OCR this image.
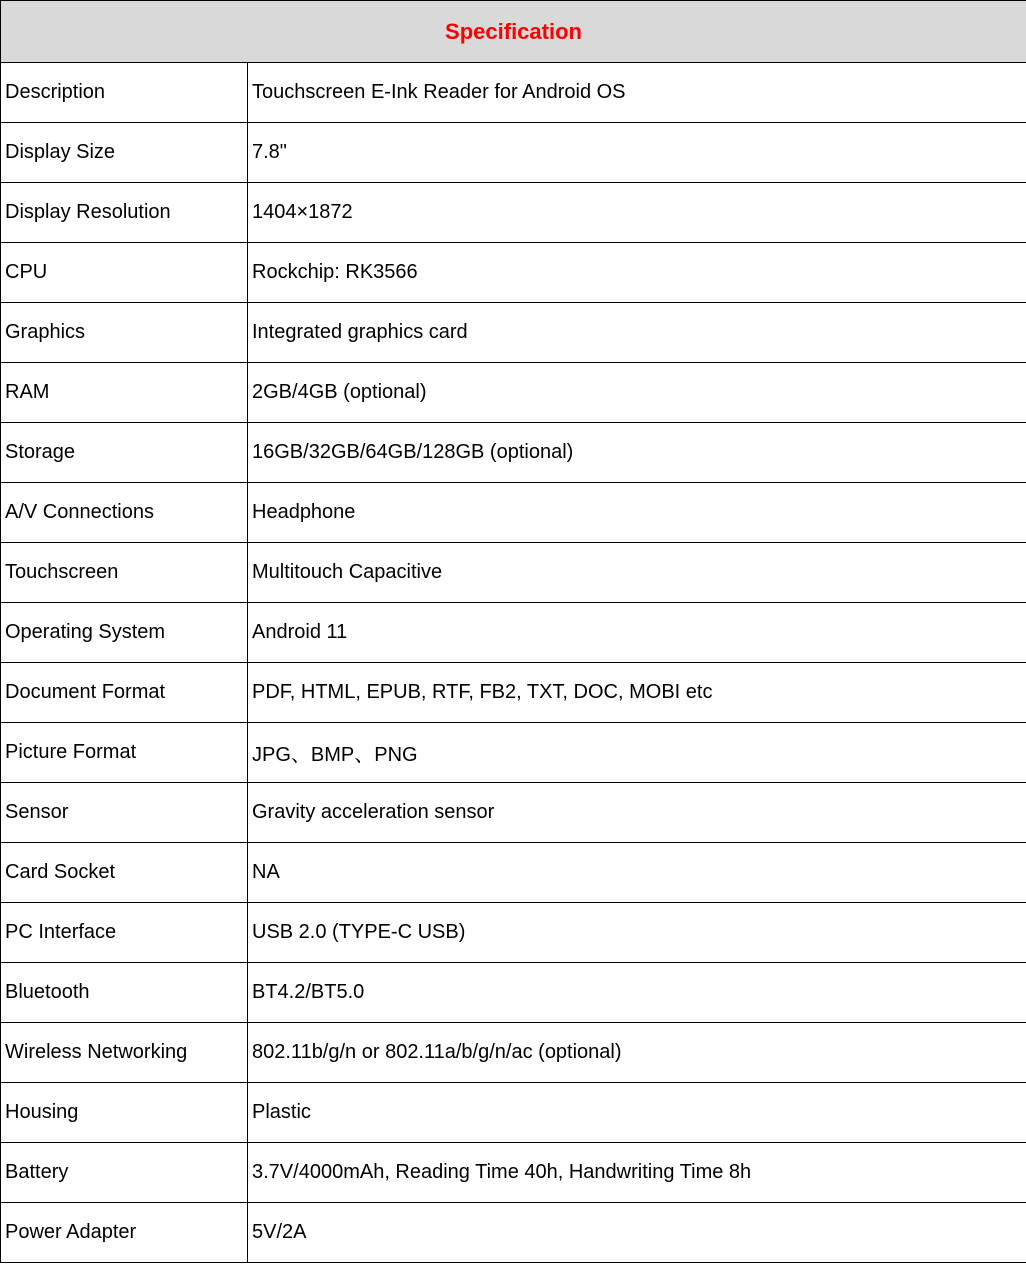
Specification	
Description	Touchscreen E-Ink Reader for Android OS
Display Size	7.8"
Display Resolution	1404×1872
CPU	Rockchip: RK3566
Graphics	Integrated graphics card
RAM	2GB/4GB (optional)
Storage	16GB/32GB/64GB/128GB (optional)
A/V Connections	Headphone
Touchscreen	Multitouch Capacitive
Operating System	Android 11
Document Format	PDF, HTML, EPUB, RTF, FB2, TXT, DOC, MOBI etc
Picture Format	JPG、BMP、PNG
Sensor	Gravity acceleration sensor
Card Socket	NA
PC Interface	USB 2.0 (TYPE-C USB)
Bluetooth	BT4.2/BT5.0
Wireless Networking	802.11b/g/n or 802.11a/b/g/n/ac (optional)
Housing	Plastic
Battery	3.7V/4000mAh, Reading Time 40h, Handwriting Time 8h
Power Adapter	5V/2A
